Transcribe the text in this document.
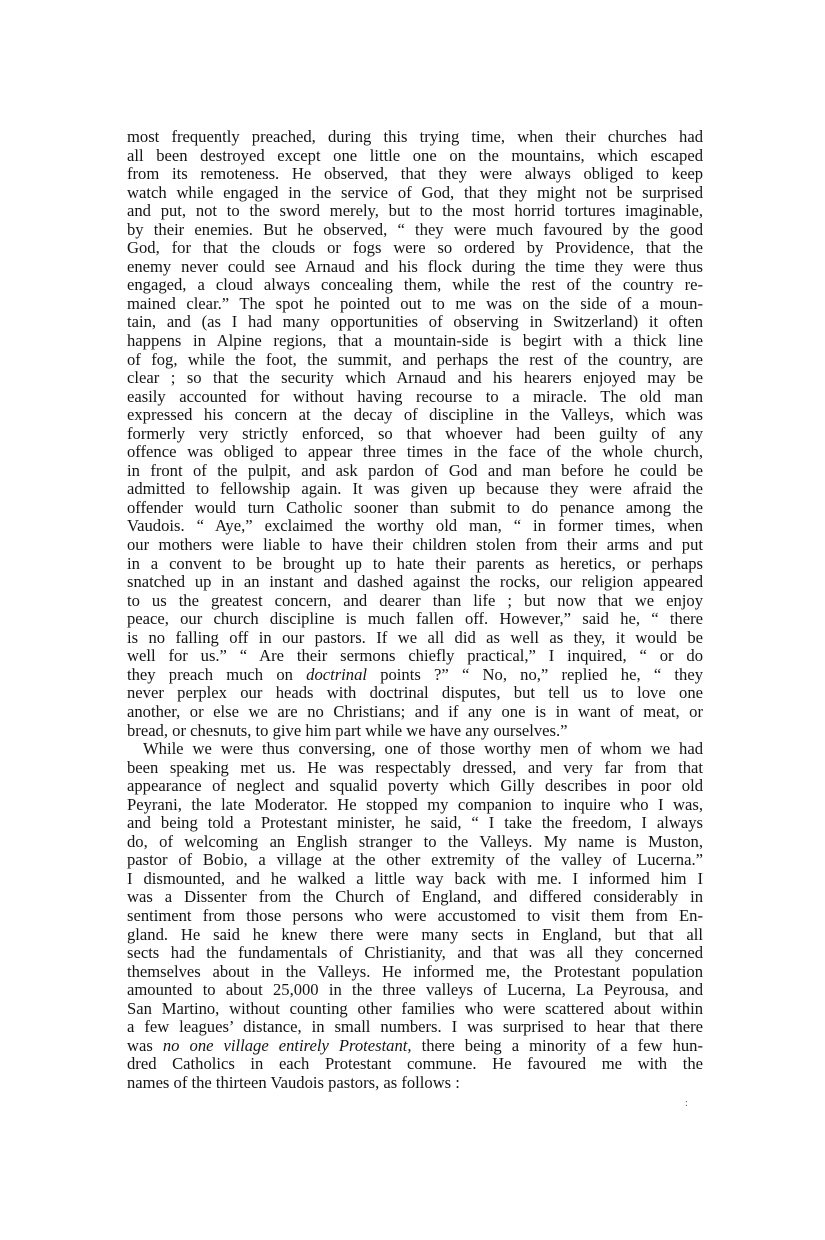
most frequently preached, during this trying time, when their churches had
all been destroyed except one little one on the mountains, which escaped
from its remoteness. He observed, that they were always obliged to keep
watch while engaged in the service of God, that they might not be surprised
and put, not to the sword merely, but to the most horrid tortures imaginable,
by their enemies. But he observed, “ they were much favoured by the good
God, for that the clouds or fogs were so ordered by Providence, that the
enemy never could see Arnaud and his flock during the time they were thus
engaged, a cloud always concealing them, while the rest of the country re-
mained clear.” The spot he pointed out to me was on the side of a moun-
tain, and (as I had many opportunities of observing in Switzerland) it often
happens in Alpine regions, that a mountain-side is begirt with a thick line
of fog, while the foot, the summit, and perhaps the rest of the country, are
clear ; so that the security which Arnaud and his hearers enjoyed may be
easily accounted for without having recourse to a miracle. The old man
expressed his concern at the decay of discipline in the Valleys, which was
formerly very strictly enforced, so that whoever had been guilty of any
offence was obliged to appear three times in the face of the whole church,
in front of the pulpit, and ask pardon of God and man before he could be
admitted to fellowship again. It was given up because they were afraid the
offender would turn Catholic sooner than submit to do penance among the
Vaudois. “ Aye,” exclaimed the worthy old man, “ in former times, when
our mothers were liable to have their children stolen from their arms and put
in a convent to be brought up to hate their parents as heretics, or perhaps
snatched up in an instant and dashed against the rocks, our religion appeared
to us the greatest concern, and dearer than life ; but now that we enjoy
peace, our church discipline is much fallen off. However,” said he, “ there
is no falling off in our pastors. If we all did as well as they, it would be
well for us.” “ Are their sermons chiefly practical,” I inquired, “ or do
they preach much on doctrinal points ?” “ No, no,” replied he, “ they
never perplex our heads with doctrinal disputes, but tell us to love one
another, or else we are no Christians; and if any one is in want of meat, or
bread, or chesnuts, to give him part while we have any ourselves.”
While we were thus conversing, one of those worthy men of whom we had
been speaking met us. He was respectably dressed, and very far from that
appearance of neglect and squalid poverty which Gilly describes in poor old
Peyrani, the late Moderator. He stopped my companion to inquire who I was,
and being told a Protestant minister, he said, “ I take the freedom, I always
do, of welcoming an English stranger to the Valleys. My name is Muston,
pastor of Bobio, a village at the other extremity of the valley of Lucerna.”
I dismounted, and he walked a little way back with me. I informed him I
was a Dissenter from the Church of England, and differed considerably in
sentiment from those persons who were accustomed to visit them from En-
gland. He said he knew there were many sects in England, but that all
sects had the fundamentals of Christianity, and that was all they concerned
themselves about in the Valleys. He informed me, the Protestant population
amounted to about 25,000 in the three valleys of Lucerna, La Peyrousa, and
San Martino, without counting other families who were scattered about within
a few leagues’ distance, in small numbers. I was surprised to hear that there
was no one village entirely Protestant, there being a minority of a few hun-
dred Catholics in each Protestant commune. He favoured me with the
names of the thirteen Vaudois pastors, as follows :
:
